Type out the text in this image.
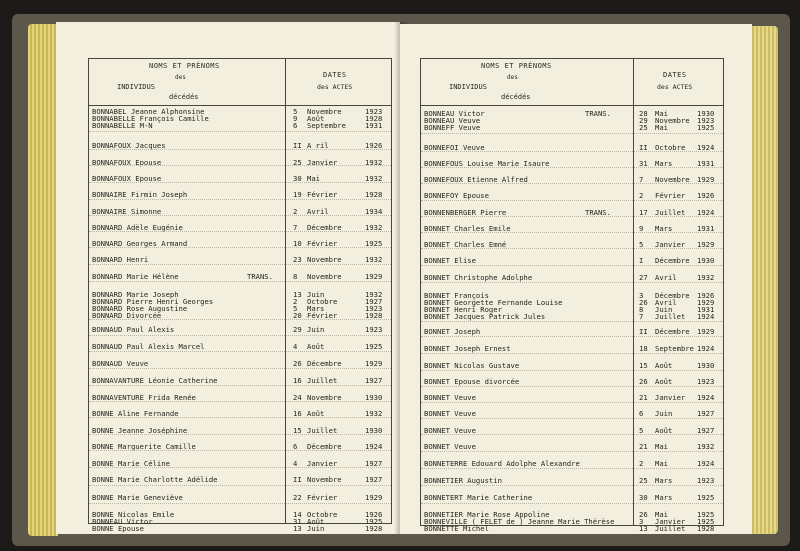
NOMS ET PRÉNOMS
des
INDIVIDUS
décédés
DATES
des ACTES
BONNABEL Jeanne Alphonsine	5 Novembre	1923
BONNABELLE François Camille	9 Août	1928
BONNABELLE M-N	6 Septembre	1931
BONNAFOUX Jacques	II A ril	1926
BONNAFOUX Epouse	25 Janvier	1932
BONNAFOUX Epouse	30 Mai	1932
BONNAIRE Firmin Joseph	19 Février	1928
BONNAIRE Simonne	2 Avril	1934
BONNARD Adèle Eugénie	7 Décembre	1932
BONNARD Georges Armand	10 Février	1925
BONNARD Henri	23 Novembre	1932
BONNARD Marie Hélène	TRANS.	8 Novembre	1929
BONNARD Marie Joseph	13 Juin	1932
BONNARD Pierre Henri Georges	2 Octobre	1927
BONNARD Rose Augustine	5 Mars	1923
BONNARD Divorcée	20 Février	1928
BONNAUD Paul Alexis	29 Juin	1923
BONNAUD Paul Alexis Marcel	4 Août	1925
BONNAUD Veuve	26 Décembre	1929
BONNAVANTURE Léonie Catherine	16 Juillet	1927
BONNAVENTURE Frida Renée	24 Novembre	1930
BONNE Aline Fernande	16 Août	1932
BONNE Jeanne Joséphine	15 Juillet	1930
BONNE Marguerite Camille	6 Décembre	1924
BONNE Marie Céline	4 Janvier	1927
BONNE Marie Charlotte Adélide	II Novembre	1927
BONNE Marie Geneviève	22 Février	1929
BONNE Nicolas Emile	14 Octobre	1926
BONNEAU Victor	31 Août	1925
BONNE Epouse	13 Juin	1928
NOMS ET PRÉNOMS
des
INDIVIDUS
décédés
DATES
des ACTES
BONNEAU Victor	TRANS.	28 Mai	1930
BONNEAU Veuve	29 Novembre 1923
BONNEFF Veuve	25 Mai	1925
BONNEFOI Veuve	II Octobre 1924
BONNEFOUS Louise Marie Isaure	31 Mars	1931
BONNEFOUX Etienne Alfred	7 Novembre 1929
BONNEFOY Epouse	2 Février 1926
BONNENBERGER Pierre	TRANS.	17 Juillet 1924
BONNET Charles Emile	9 Mars	1931
BONNET Charles Emné	5 Janvier 1929
BONNET Elise	I Décembre 1930
BONNET Christophe Adolphe	27 Avril	1932
BONNET François	3 Décembre 1926
BONNET Georgette Fernande Louise	26 Avril	1929
BONNET Henri Roger	8 Juin	1931
BONNET Jacques Patrick Jules	7 Juillet 1924
BONNET Joseph	II Décembre 1929
BONNET Joseph Ernest	18 Septembre 1924
BONNET Nicolas Gustave	15 Août	1930
BONNET Epouse divorcée	26 Août	1923
BONNET Veuve	21 Janvier 1924
BONNET Veuve	6 Juin	1927
BONNET Veuve	5 Août	1927
BONNET Veuve	21 Mai	1932
BONNETERRE Edouard Adolphe Alexandre	2 Mai	1924
BONNETIER Augustin	25 Mars	1923
BONNETERT Marie Catherine	30 Mars	1925
BONNETIER Marie Rose Appoline	26 Mai	1925
BONNEVILLE ( FELET de ) Jeanne Marie Thérèse	3 Janvier 1925
BONNETTE Michel	13 Juillet 1928
